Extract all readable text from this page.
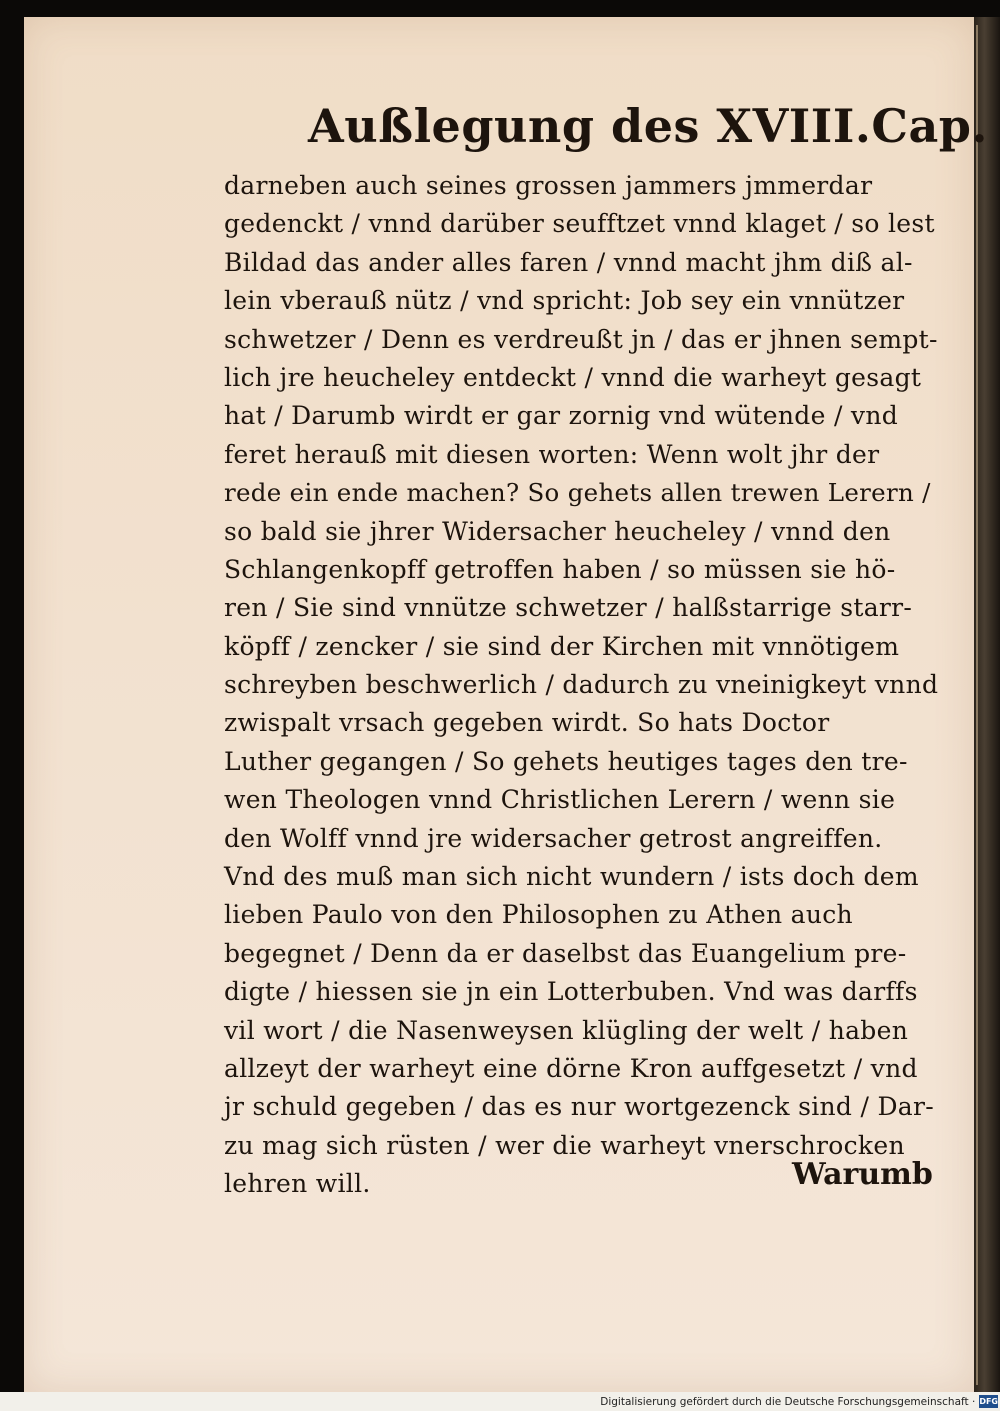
Außlegung des XVIII.Cap.
darneben auch seines grossen jammers jmmerdar
gedenckt / vnnd darüber seufftzet vnnd klaget / so lest
Bildad das ander alles faren / vnnd macht jhm diß al-
lein vberauß nütz / vnd spricht: Job sey ein vnnützer
schwetzer / Denn es verdreußt jn / das er jhnen sempt-
lich jre heucheley entdeckt / vnnd die warheyt gesagt
hat / Darumb wirdt er gar zornig vnd wütende / vnd
feret herauß mit diesen worten: Wenn wolt jhr der
rede ein ende machen? So gehets allen trewen Lerern /
so bald sie jhrer Widersacher heucheley / vnnd den
Schlangenkopff getroffen haben / so müssen sie hö-
ren / Sie sind vnnütze schwetzer / halßstarrige starr-
köpff / zencker / sie sind der Kirchen mit vnnötigem
schreyben beschwerlich / dadurch zu vneinigkeyt vnnd
zwispalt vrsach gegeben wirdt. So hats Doctor
Luther gegangen / So gehets heutiges tages den tre-
wen Theologen vnnd Christlichen Lerern / wenn sie
den Wolff vnnd jre widersacher getrost angreiffen.
Vnd des muß man sich nicht wundern / ists doch dem
lieben Paulo von den Philosophen zu Athen auch
begegnet / Denn da er daselbst das Euangelium pre-
digte / hiessen sie jn ein Lotterbuben. Vnd was darffs
vil wort / die Nasenweysen klügling der welt / haben
allzeyt der warheyt eine dörne Kron auffgesetzt / vnd
jr schuld gegeben / das es nur wortgezenck sind / Dar-
zu mag sich rüsten / wer die warheyt vnerschrocken
lehren will.	Warumb
Digitalisierung gefördert durch die Deutsche Forschungsgemeinschaft · DFG
